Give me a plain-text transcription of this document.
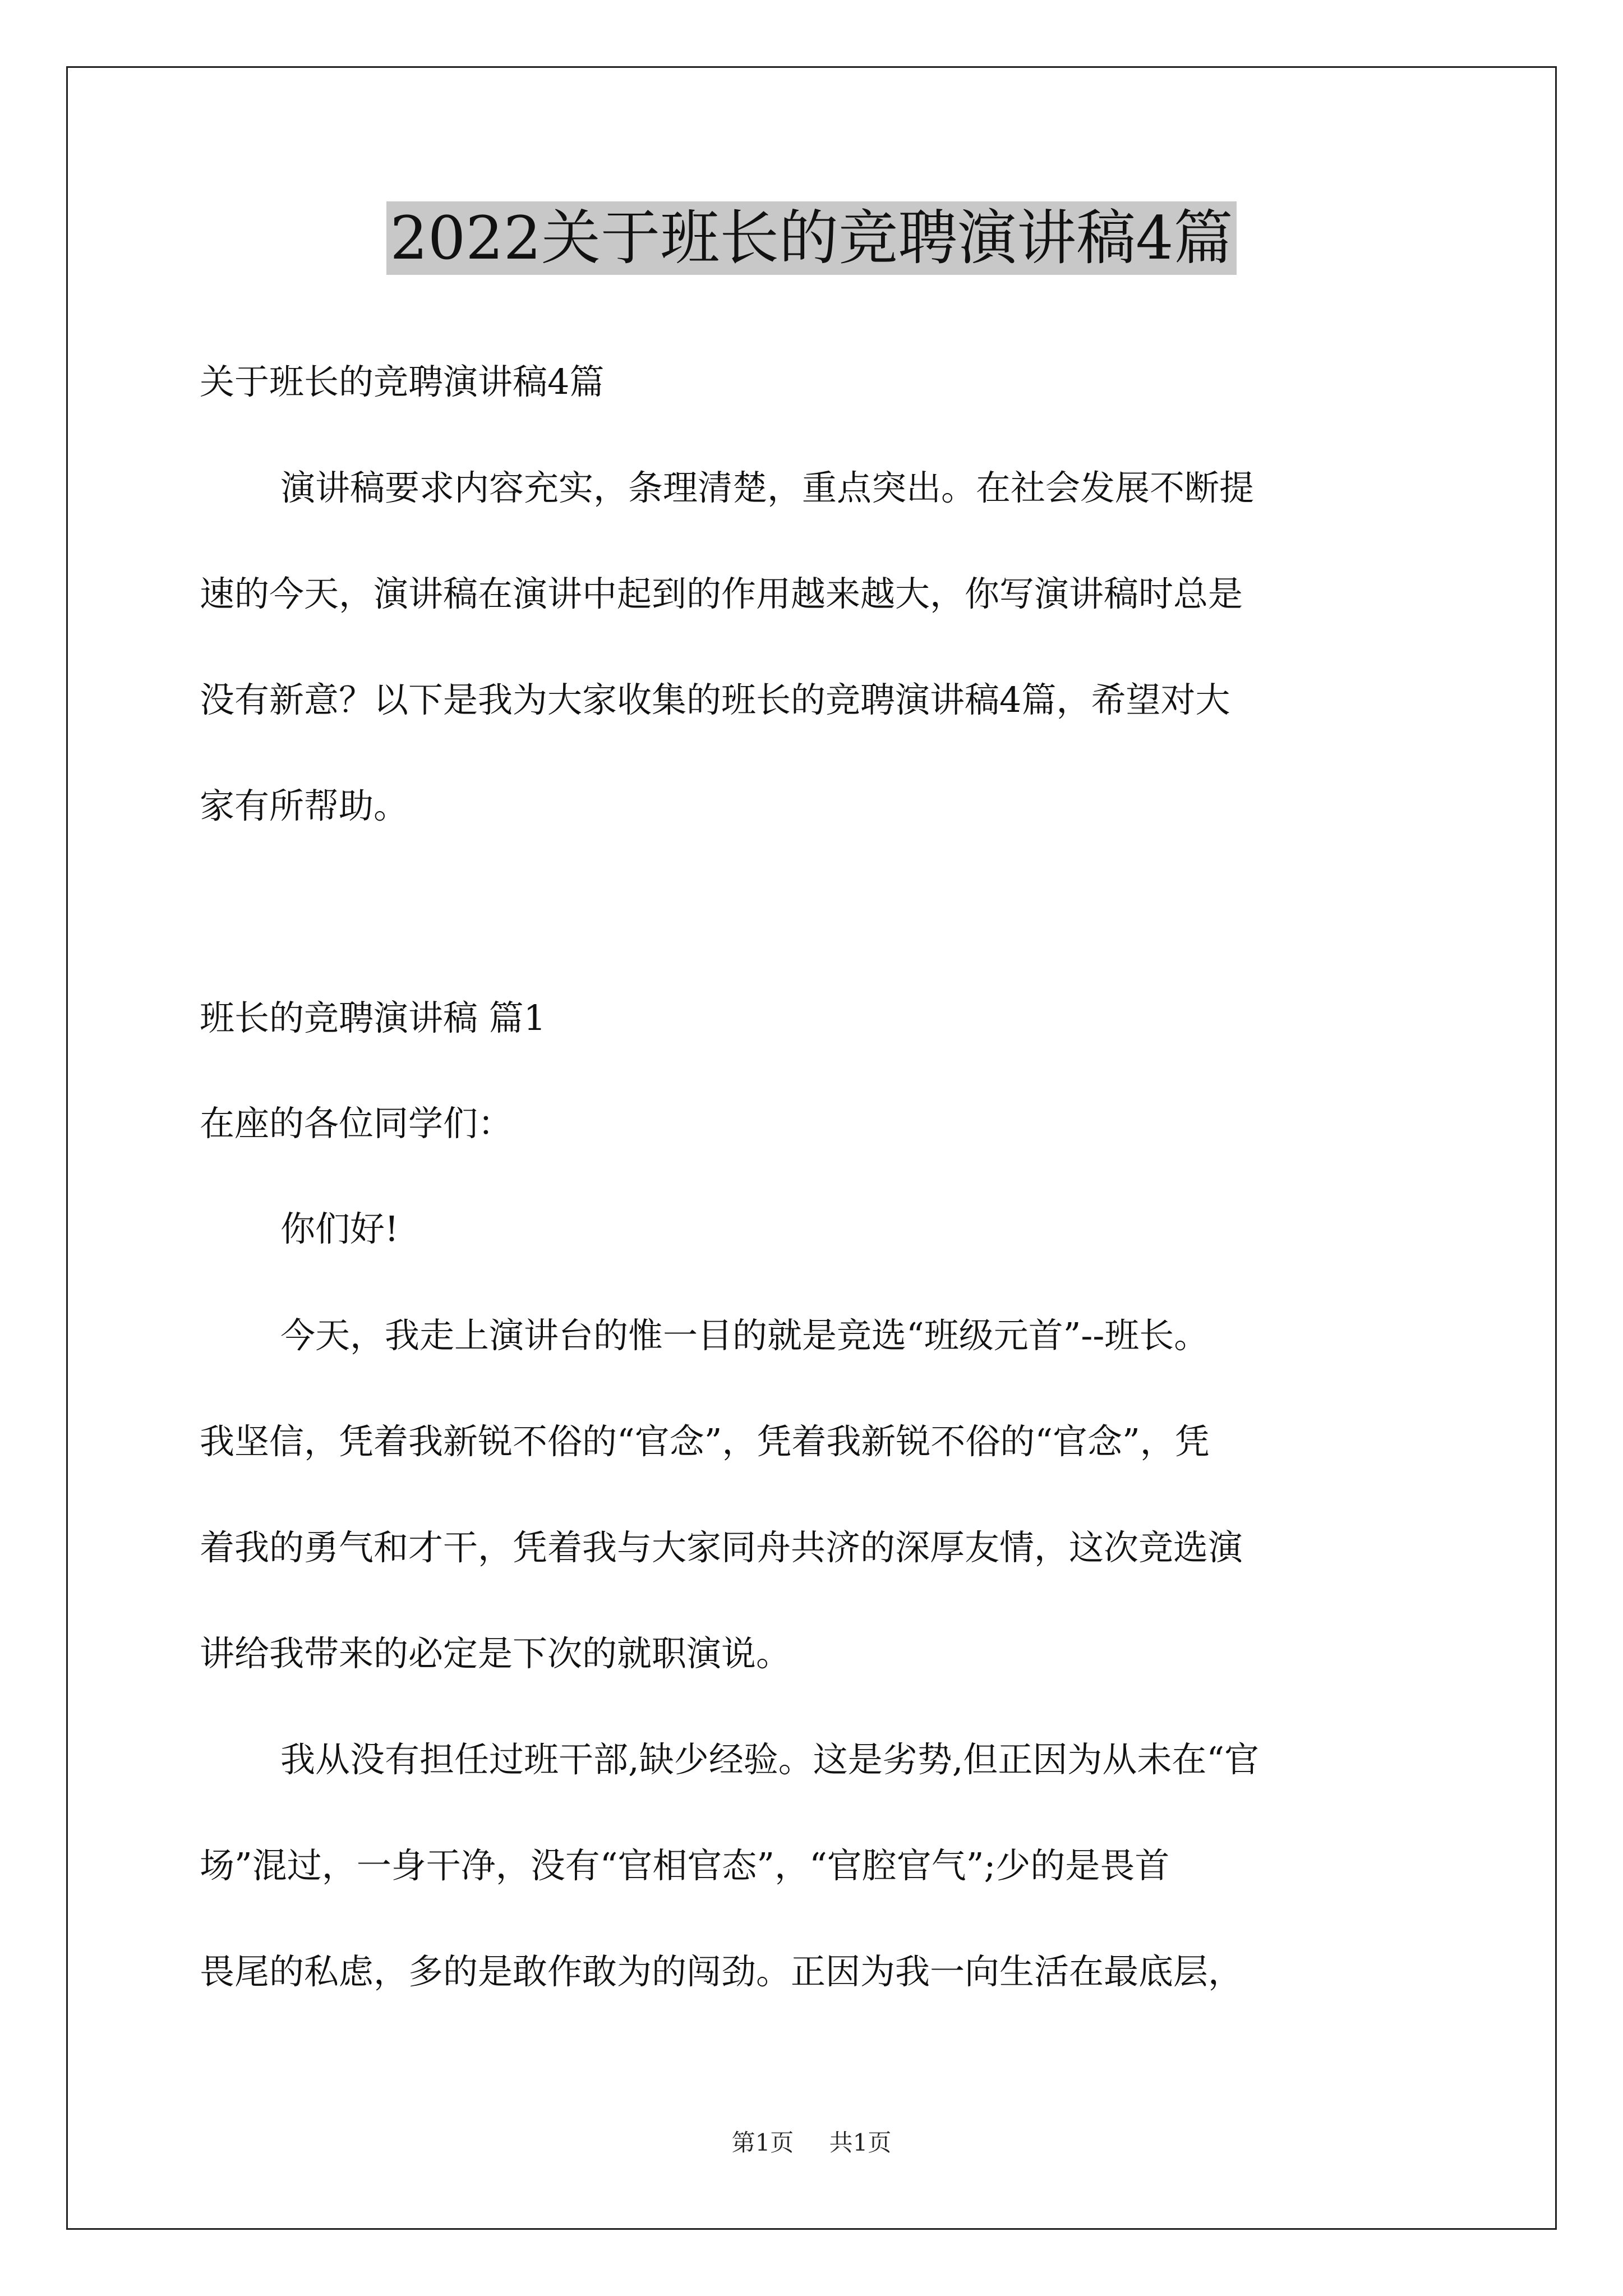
2022关于班长的竞聘演讲稿4篇
关于班长的竞聘演讲稿4篇
演讲稿要求内容充实，条理清楚，重点突出。在社会发展不断提
速的今天，演讲稿在演讲中起到的作用越来越大，你写演讲稿时总是
没有新意？以下是我为大家收集的班长的竞聘演讲稿4篇，希望对大
家有所帮助。
班长的竞聘演讲稿 篇1
在座的各位同学们：
你们好!
今天，我走上演讲台的惟一目的就是竞选“班级元首”--班长。
我坚信，凭着我新锐不俗的“官念”，凭着我新锐不俗的“官念”，凭
着我的勇气和才干，凭着我与大家同舟共济的深厚友情，这次竞选演
讲给我带来的必定是下次的就职演说。
我从没有担任过班干部,缺少经验。这是劣势,但正因为从未在“官
场”混过，一身干净，没有“官相官态”，“官腔官气”;少的是畏首
畏尾的私虑，多的是敢作敢为的闯劲。正因为我一向生活在最底层，
第1页 共1页
